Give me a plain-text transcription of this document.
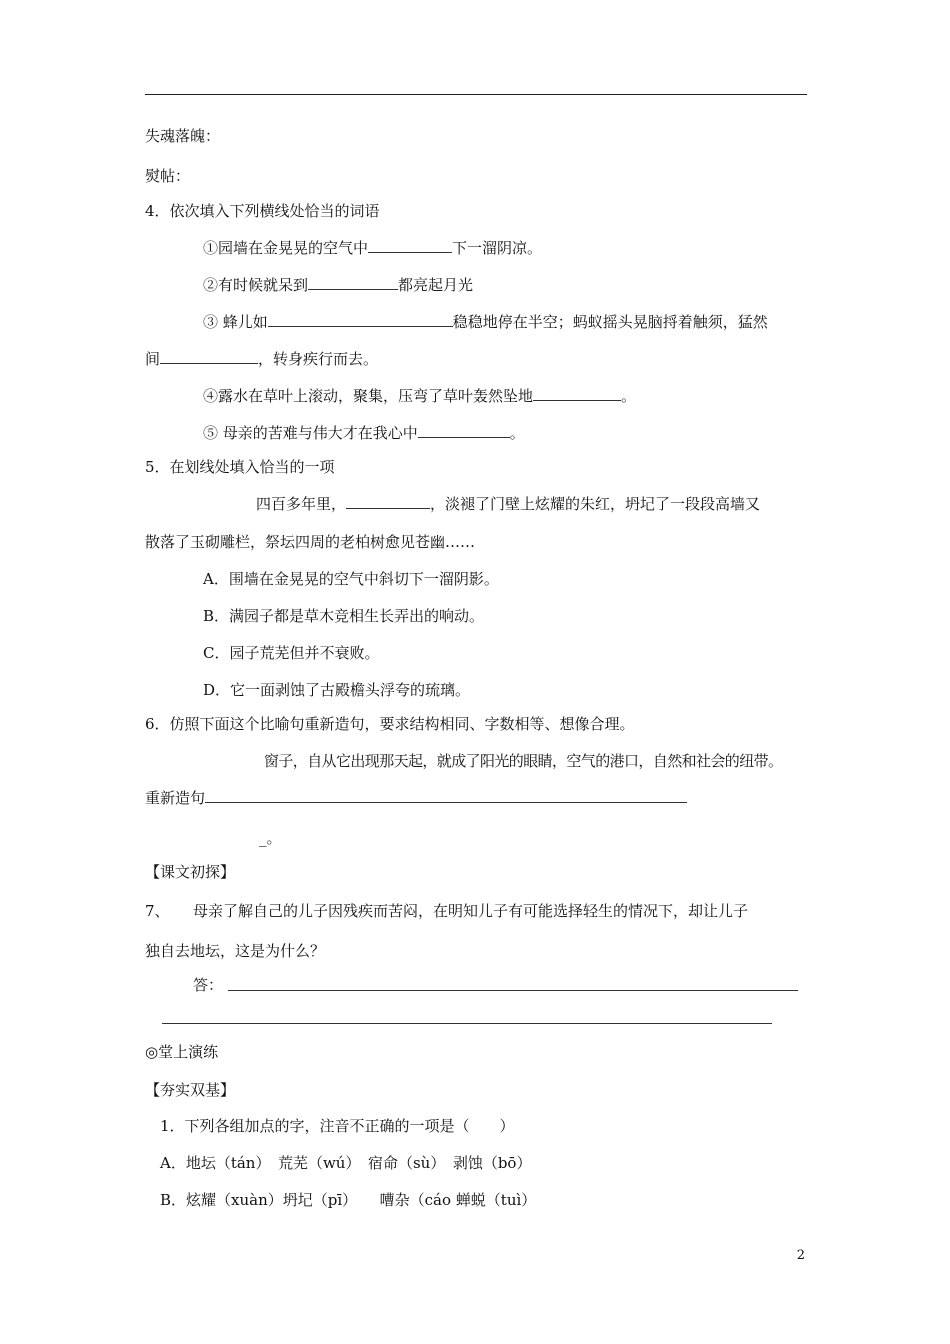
失魂落魄：
熨帖：
4．依次填入下列横线处恰当的词语
①园墙在金晃晃的空气中	下一溜阴凉。
②有时候就呆到	都亮起月光
③ 蜂儿如	稳稳地停在半空；蚂蚁摇头晃脑捋着触须，猛然
间	，转身疾行而去。
④露水在草叶上滚动，聚集，压弯了草叶轰然坠地	。
⑤ 母亲的苦难与伟大才在我心中	。
5．在划线处填入恰当的一项
四百多年里，	，淡褪了门壁上炫耀的朱红，坍圮了一段段高墙又
散落了玉砌雕栏，祭坛四周的老柏树愈见苍幽……
A．围墙在金晃晃的空气中斜切下一溜阴影。
B．满园子都是草木竞相生长弄出的响动。
C．园子荒芜但并不衰败。
D．它一面剥蚀了古殿檐头浮夸的琉璃。
6．仿照下面这个比喻句重新造句，要求结构相同、字数相等、想像合理。
窗子，自从它出现那天起，就成了阳光的眼睛，空气的港口，自然和社会的纽带。
重新造句
_。
【课文初探】
7、 母亲了解自己的儿子因残疾而苦闷，在明知儿子有可能选择轻生的情况下，却让儿子
独自去地坛，这是为什么？
答：
◎堂上演练
【夯实双基】
1．下列各组加点的字，注音不正确的一项是（　　）
A．地坛（tán）　荒芜（wú）　宿命（sù）　剥蚀（bō）
B．炫耀（xuàn）坍圮（pī）　　嘈杂（cáo 蝉蜕（tuì）
2
